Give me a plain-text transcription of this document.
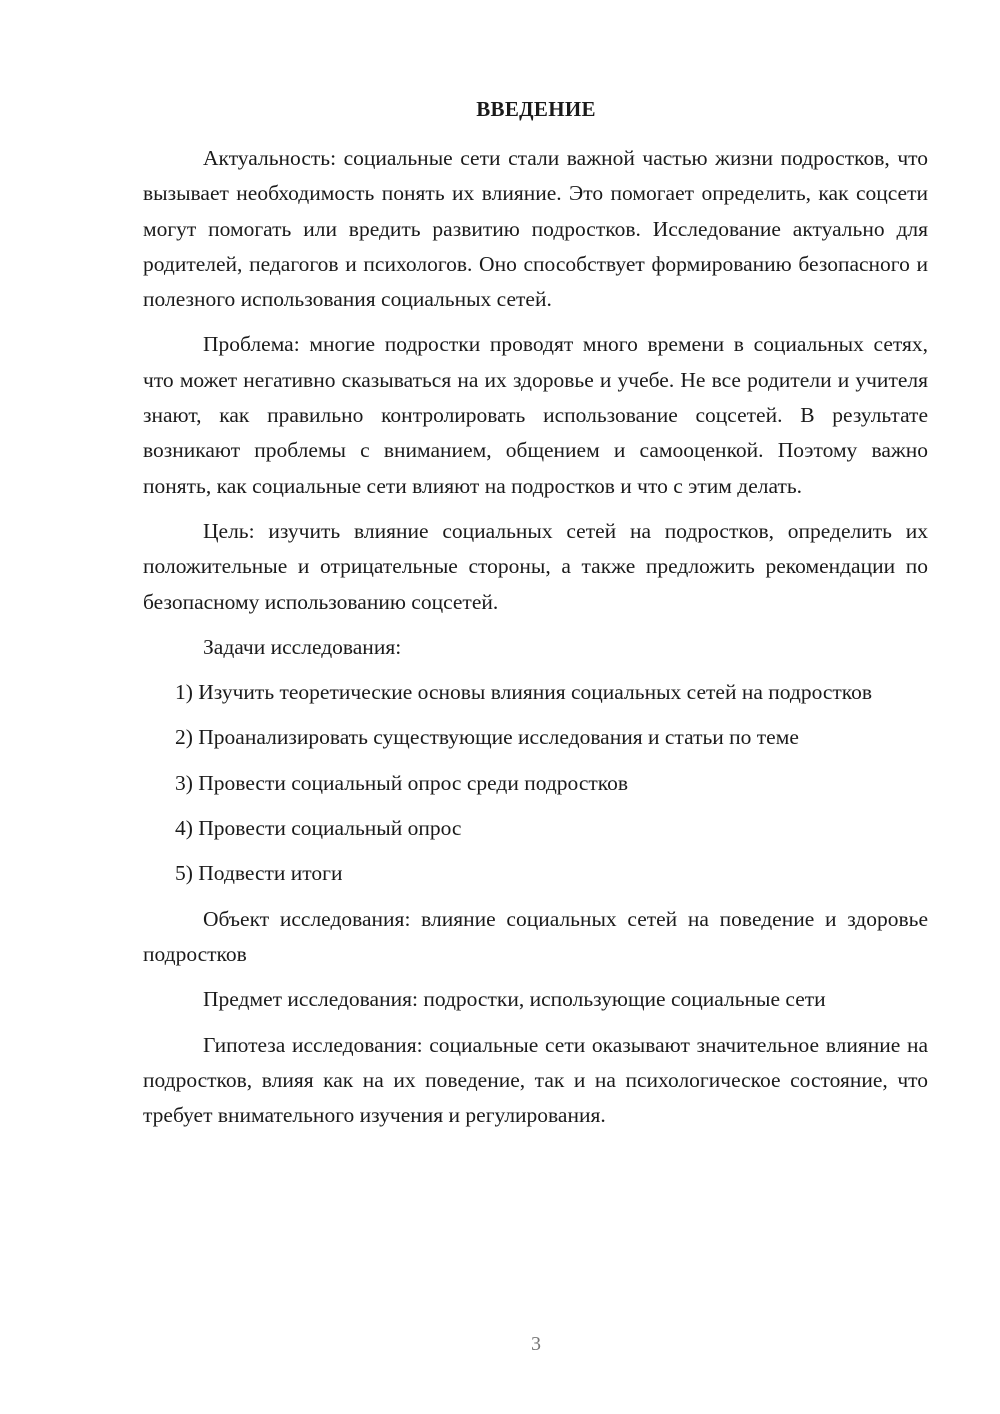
ВВЕДЕНИЕ

Актуальность: социальные сети стали важной частью жизни подростков, что вызывает необходимость понять их влияние. Это помогает определить, как соцсети могут помогать или вредить развитию подростков. Исследование актуально для родителей, педагогов и психологов. Оно способствует формированию безопасного и полезного использования социальных сетей.

Проблема: многие подростки проводят много времени в социальных сетях, что может негативно сказываться на их здоровье и учебе. Не все родители и учителя знают, как правильно контролировать использование соцсетей. В результате возникают проблемы с вниманием, общением и самооценкой. Поэтому важно понять, как социальные сети влияют на подростков и что с этим делать.

Цель: изучить влияние социальных сетей на подростков, определить их положительные и отрицательные стороны, а также предложить рекомендации по безопасному использованию соцсетей.

Задачи исследования:

1) Изучить теоретические основы влияния социальных сетей на подростков

2) Проанализировать существующие исследования и статьи по теме

3) Провести социальный опрос среди подростков

4) Провести социальный опрос

5) Подвести итоги

Объект исследования: влияние социальных сетей на поведение и здоровье подростков

Предмет исследования: подростки, использующие социальные сети

Гипотеза исследования: социальные сети оказывают значительное влияние на подростков, влияя как на их поведение, так и на психологическое состояние, что требует внимательного изучения и регулирования.

3
